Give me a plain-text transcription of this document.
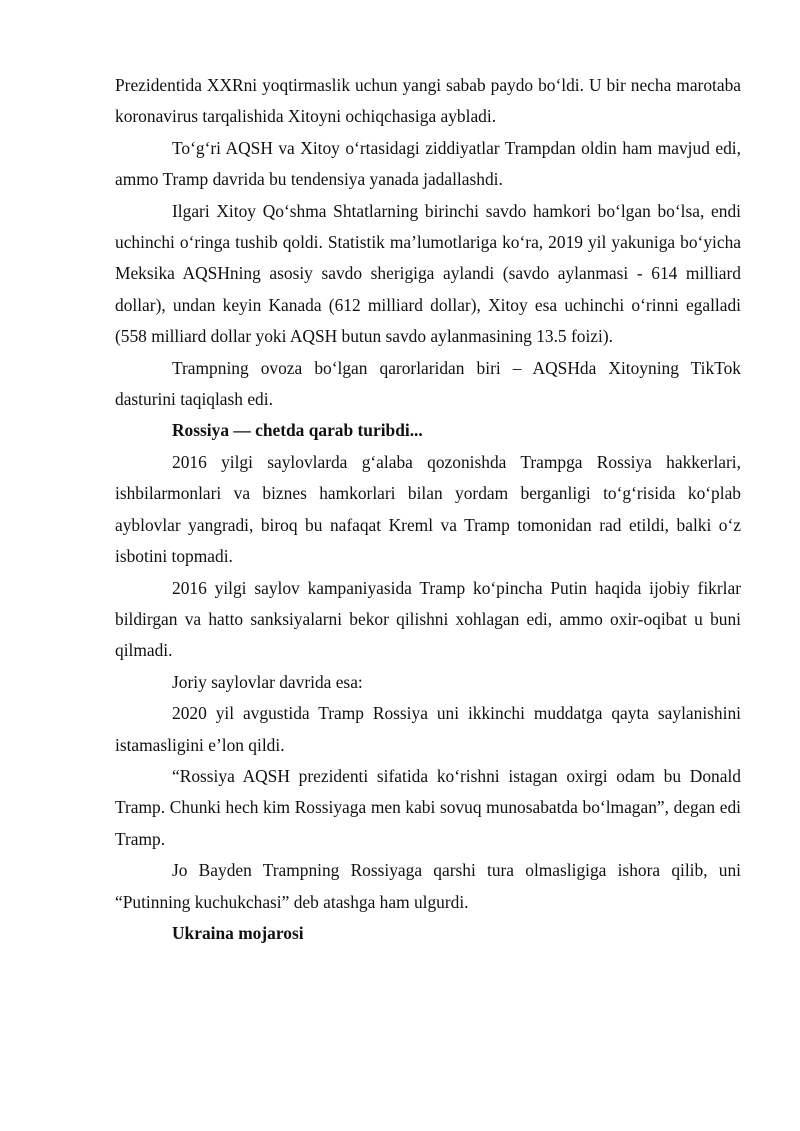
Prezidentida XXRni yoqtirmaslik uchun yangi sabab paydo bo‘ldi. U bir necha marotaba koronavirus tarqalishida Xitoyni ochiqchasiga aybladi.

To‘g‘ri AQSH va Xitoy o‘rtasidagi ziddiyatlar Trampdan oldin ham mavjud edi, ammo Tramp davrida bu tendensiya yanada jadallashdi.

Ilgari Xitoy Qo‘shma Shtatlarning birinchi savdo hamkori bo‘lgan bo‘lsa, endi uchinchi o‘ringa tushib qoldi. Statistik ma’lumotlariga ko‘ra, 2019 yil yakuniga bo‘yicha Meksika AQSHning asosiy savdo sherigiga aylandi (savdo aylanmasi - 614 milliard dollar), undan keyin Kanada (612 milliard dollar), Xitoy esa uchinchi o‘rinni egalladi (558 milliard dollar yoki AQSH butun savdo aylanmasining 13.5 foizi).

Trampning ovoza bo‘lgan qarorlaridan biri – AQSHda Xitoyning TikTok dasturini taqiqlash edi.

Rossiya — chetda qarab turibdi...

2016 yilgi saylovlarda g‘alaba qozonishda Trampga Rossiya hakkerlari, ishbilarmonlari va biznes hamkorlari bilan yordam berganligi to‘g‘risida ko‘plab ayblovlar yangradi, biroq bu nafaqat Kreml va Tramp tomonidan rad etildi, balki o‘z isbotini topmadi.

2016 yilgi saylov kampaniyasida Tramp ko‘pincha Putin haqida ijobiy fikrlar bildirgan va hatto sanksiyalarni bekor qilishni xohlagan edi, ammo oxir-oqibat u buni qilmadi.

Joriy saylovlar davrida esa:

2020 yil avgustida Tramp Rossiya uni ikkinchi muddatga qayta saylanishini istamasligini e’lon qildi.

“Rossiya AQSH prezidenti sifatida ko‘rishni istagan oxirgi odam bu Donald Tramp. Chunki hech kim Rossiyaga men kabi sovuq munosabatda bo‘lmagan”, degan edi Tramp.

Jo Bayden Trampning Rossiyaga qarshi tura olmasligiga ishora qilib, uni “Putinning kuchukchasi” deb atashga ham ulgurdi.

Ukraina mojarosi
